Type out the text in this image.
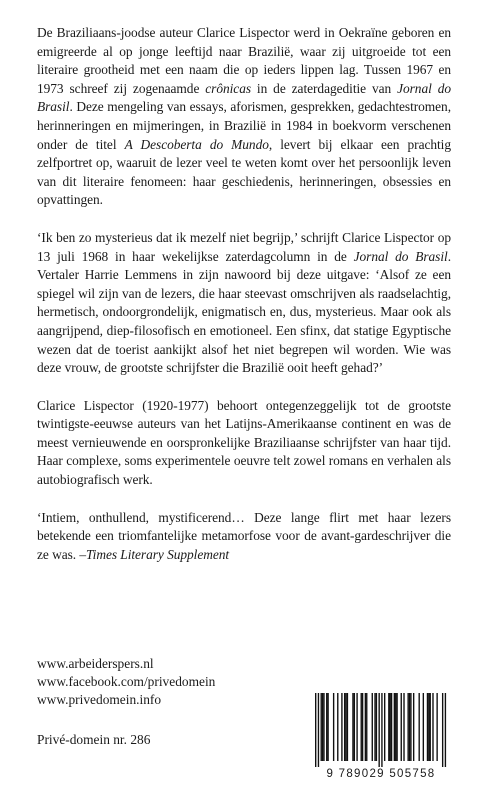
De Braziliaans-joodse auteur Clarice Lispector werd in Oekraïne geboren en emigreerde al op jonge leeftijd naar Brazilië, waar zij uitgroeide tot een literaire grootheid met een naam die op ieders lippen lag. Tussen 1967 en 1973 schreef zij zogenaamde crônicas in de zaterdageditie van Jornal do Brasil. Deze mengeling van essays, aforismen, gesprekken, gedachtestromen, herinneringen en mijmeringen, in Brazilië in 1984 in boekvorm verschenen onder de titel A Descoberta do Mundo, levert bij elkaar een prachtig zelfportret op, waaruit de lezer veel te weten komt over het persoonlijk leven van dit literaire fenomeen: haar geschiedenis, herinneringen, obsessies en opvattingen.

‘Ik ben zo mysterieus dat ik mezelf niet begrijp,’ schrijft Clarice Lispector op 13 juli 1968 in haar wekelijkse zaterdagcolumn in de Jornal do Brasil. Vertaler Harrie Lemmens in zijn nawoord bij deze uitgave: ‘Alsof ze een spiegel wil zijn van de lezers, die haar steevast omschrijven als raadselachtig, hermetisch, ondoorgrondelijk, enigmatisch en, dus, mysterieus. Maar ook als aangrijpend, diep-filosofisch en emotioneel. Een sfinx, dat statige Egyptische wezen dat de toerist aankijkt alsof het niet begrepen wil worden. Wie was deze vrouw, de grootste schrijfster die Brazilië ooit heeft gehad?’

Clarice Lispector (1920-1977) behoort ontegenzeggelijk tot de grootste twintigste-eeuwse auteurs van het Latijns-Amerikaanse continent en was de meest vernieuwende en oorspronkelijke Braziliaanse schrijfster van haar tijd. Haar complexe, soms experimentele oeuvre telt zowel romans en verhalen als autobiografisch werk.

‘Intiem, onthullend, mystificerend… Deze lange flirt met haar lezers betekende een triomfantelijke metamorfose voor de avant-gardeschrijver die ze was. –Times Literary Supplement

www.arbeiderspers.nl
www.facebook.com/privedomein
www.privedomein.info
Privé-domein nr. 286
9 789029 505758
